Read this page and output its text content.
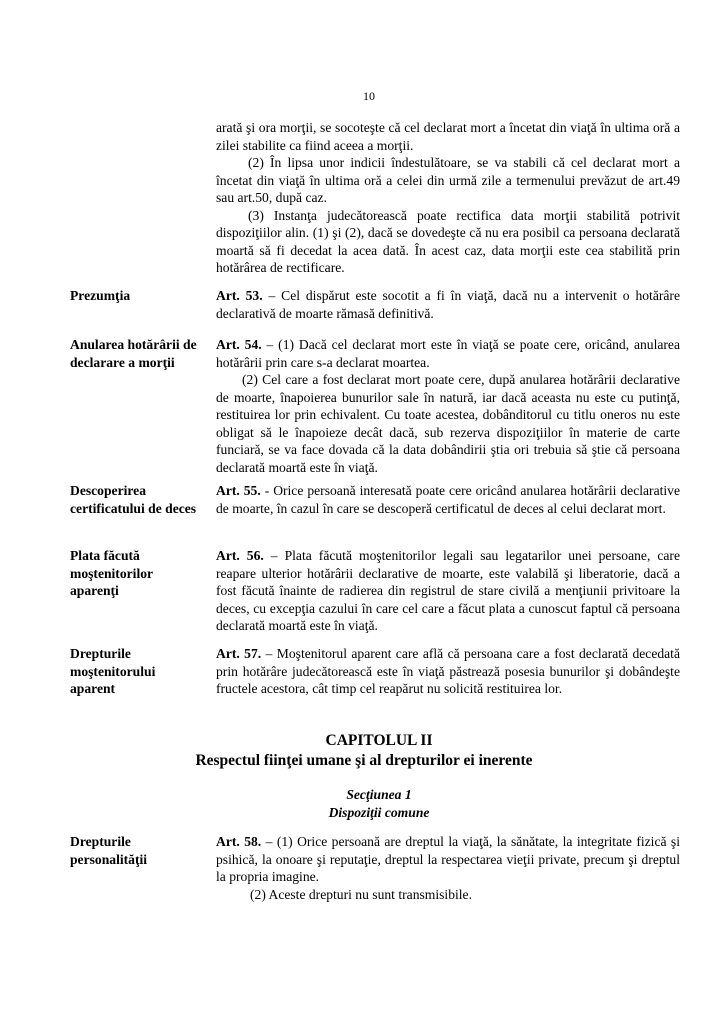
10

arată şi ora morţii, se socoteşte că cel declarat mort a încetat din viaţă în ultima oră a zilei stabilite ca fiind aceea a morţii.

(2) În lipsa unor indicii îndestulătoare, se va stabili că cel declarat mort a încetat din viaţă în ultima oră a celei din urmă zile a termenului prevăzut de art.49 sau art.50, după caz.

(3) Instanţa judecătorească poate rectifica data morţii stabilită potrivit dispoziţiilor alin. (1) şi (2), dacă se dovedeşte că nu era posibil ca persoana declarată moartă să fi decedat la acea dată. În acest caz, data morţii este cea stabilită prin hotărârea de rectificare.

Prezumţia	Art. 53. – Cel dispărut este socotit a fi în viaţă, dacă nu a intervenit o hotărâre declarativă de moarte rămasă definitivă.

Anularea hotărârii de declarare a morţii

Art. 54. – (1) Dacă cel declarat mort este în viaţă se poate cere, oricând, anularea hotărârii prin care s-a declarat moartea.

(2) Cel care a fost declarat mort poate cere, după anularea hotărârii declarative de moarte, înapoierea bunurilor sale în natură, iar dacă aceasta nu este cu putinţă, restituirea lor prin echivalent. Cu toate acestea, dobânditorul cu titlu oneros nu este obligat să le înapoieze decât dacă, sub rezerva dispoziţiilor în materie de carte funciară, se va face dovada că la data dobândirii ştia ori trebuia să ştie că persoana declarată moartă este în viaţă.

Descoperirea certificatului de deces

Art. 55. - Orice persoană interesată poate cere oricând anularea hotărârii declarative de moarte, în cazul în care se descoperă certificatul de deces al celui declarat mort.

Plata făcută moştenitorilor aparenţi

Art. 56. – Plata făcută moştenitorilor legali sau legatarilor unei persoane, care reapare ulterior hotărârii declarative de moarte, este valabilă şi liberatorie, dacă a fost făcută înainte de radierea din registrul de stare civilă a menţiunii privitoare la deces, cu excepţia cazului în care cel care a făcut plata a cunoscut faptul că persoana declarată moartă este în viaţă.

Drepturile moştenitorului aparent

Art. 57. – Moştenitorul aparent care află că persoana care a fost declarată decedată prin hotărâre judecătorească este în viaţă păstrează posesia bunurilor şi dobândeşte fructele acestora, cât timp cel reapărut nu solicită restituirea lor.

CAPITOLUL II
Respectul fiinţei umane şi al drepturilor ei inerente
Secţiunea 1
Dispoziţii comune
Drepturile personalităţii

Art. 58. – (1) Orice persoană are dreptul la viaţă, la sănătate, la integritate fizică şi psihică, la onoare şi reputaţie, dreptul la respectarea vieţii private, precum şi dreptul la propria imagine.

(2) Aceste drepturi nu sunt transmisibile.
